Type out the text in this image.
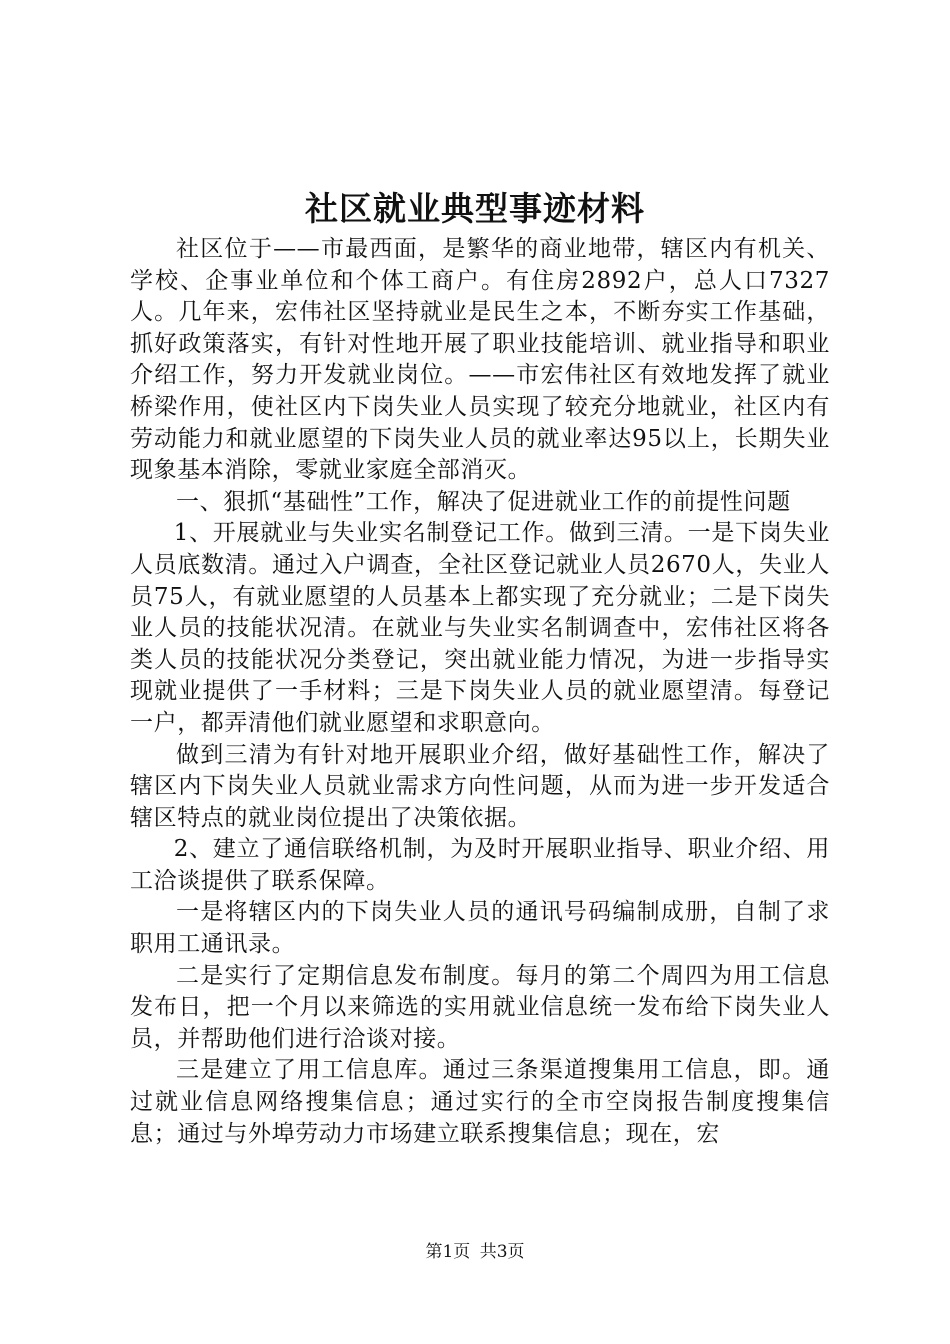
社区就业典型事迹材料

社区位于——市最西面，是繁华的商业地带，辖区内有机关、学校、企事业单位和个体工商户。有住房2892户，总人口7327人。几年来，宏伟社区坚持就业是民生之本，不断夯实工作基础，抓好政策落实，有针对性地开展了职业技能培训、就业指导和职业介绍工作，努力开发就业岗位。——市宏伟社区有效地发挥了就业桥梁作用，使社区内下岗失业人员实现了较充分地就业，社区内有劳动能力和就业愿望的下岗失业人员的就业率达95以上，长期失业现象基本消除，零就业家庭全部消灭。

一、狠抓“基础性”工作，解决了促进就业工作的前提性问题

1、开展就业与失业实名制登记工作。做到三清。一是下岗失业人员底数清。通过入户调查，全社区登记就业人员2670人，失业人员75人，有就业愿望的人员基本上都实现了充分就业；二是下岗失业人员的技能状况清。在就业与失业实名制调查中，宏伟社区将各类人员的技能状况分类登记，突出就业能力情况，为进一步指导实现就业提供了一手材料；三是下岗失业人员的就业愿望清。每登记一户，都弄清他们就业愿望和求职意向。

做到三清为有针对地开展职业介绍，做好基础性工作，解决了辖区内下岗失业人员就业需求方向性问题，从而为进一步开发适合辖区特点的就业岗位提出了决策依据。

2、建立了通信联络机制，为及时开展职业指导、职业介绍、用工洽谈提供了联系保障。

一是将辖区内的下岗失业人员的通讯号码编制成册，自制了求职用工通讯录。

二是实行了定期信息发布制度。每月的第二个周四为用工信息发布日，把一个月以来筛选的实用就业信息统一发布给下岗失业人员，并帮助他们进行洽谈对接。

三是建立了用工信息库。通过三条渠道搜集用工信息，即。通过就业信息网络搜集信息；通过实行的全市空岗报告制度搜集信息；通过与外埠劳动力市场建立联系搜集信息；现在，宏

第1页 共3页
